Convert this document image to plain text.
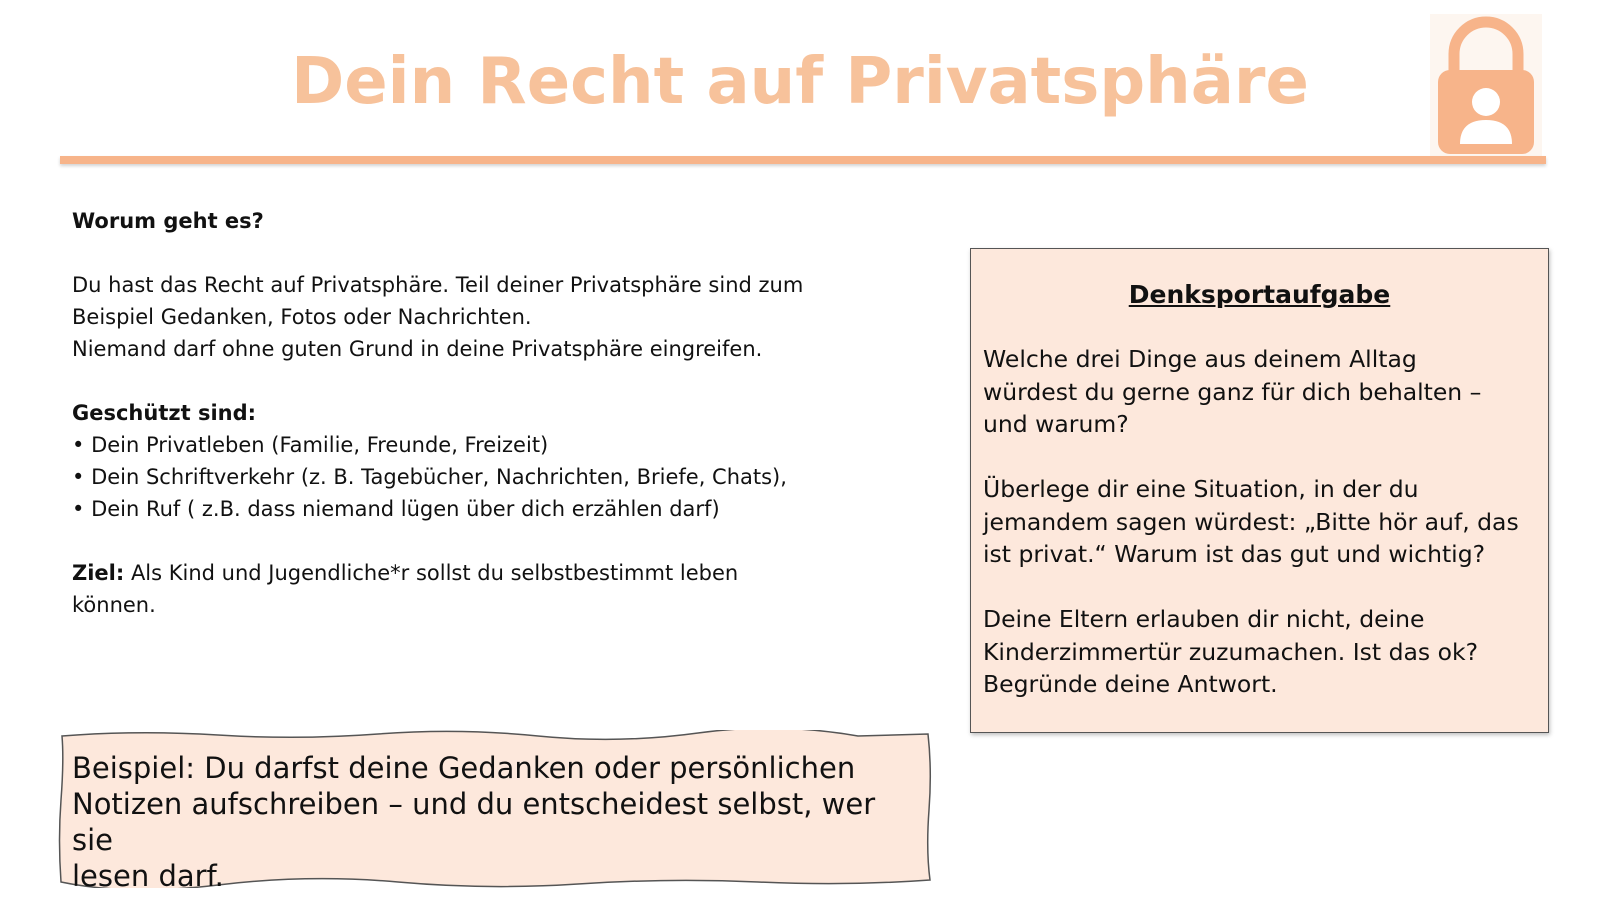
Dein Recht auf Privatsphäre

Worum geht es?

Du hast das Recht auf Privatsphäre. Teil deiner Privatsphäre sind zum

Beispiel Gedanken, Fotos oder Nachrichten.

Niemand darf ohne guten Grund in deine Privatsphäre eingreifen.

Geschützt sind:

• Dein Privatleben (Familie, Freunde, Freizeit)
• Dein Schriftverkehr (z. B. Tagebücher, Nachrichten, Briefe, Chats),
• Dein Ruf ( z.B. dass niemand lügen über dich erzählen darf)

Ziel: Als Kind und Jugendliche*r sollst du selbstbestimmt leben

können.

Beispiel: Du darfst deine Gedanken oder persönlichen

Notizen aufschreiben – und du entscheidest selbst, wer sie

lesen darf.

Denksportaufgabe

Welche drei Dinge aus deinem Alltag

würdest du gerne ganz für dich behalten –

und warum?

Überlege dir eine Situation, in der du

jemandem sagen würdest: „Bitte hör auf, das

ist privat.“ Warum ist das gut und wichtig?

Deine Eltern erlauben dir nicht, deine

Kinderzimmertür zuzumachen. Ist das ok?

Begründe deine Antwort.
